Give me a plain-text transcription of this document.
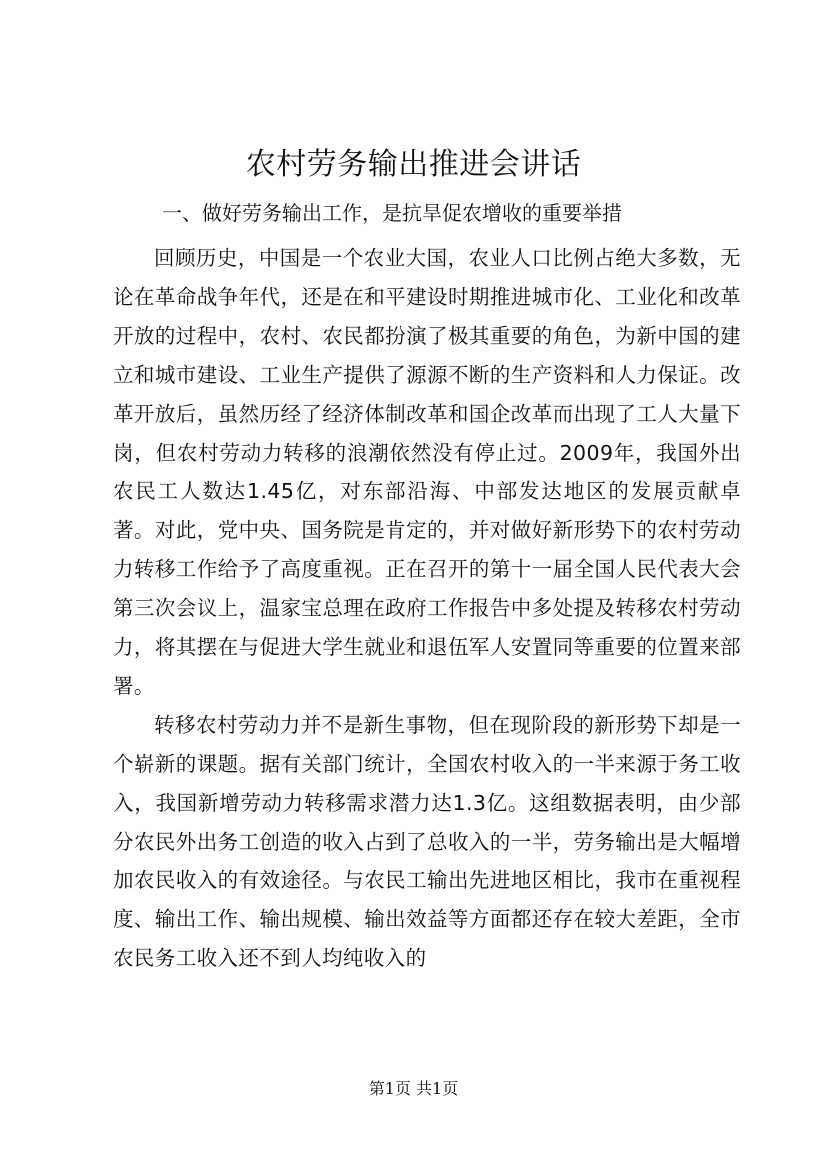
农村劳务输出推进会讲话
一、做好劳务输出工作，是抗旱促农增收的重要举措

回顾历史，中国是一个农业大国，农业人口比例占绝大多数，无论在革命战争年代，还是在和平建设时期推进城市化、工业化和改革开放的过程中，农村、农民都扮演了极其重要的角色，为新中国的建立和城市建设、工业生产提供了源源不断的生产资料和人力保证。改革开放后，虽然历经了经济体制改革和国企改革而出现了工人大量下岗，但农村劳动力转移的浪潮依然没有停止过。2009年，我国外出农民工人数达1.45亿，对东部沿海、中部发达地区的发展贡献卓著。对此，党中央、国务院是肯定的，并对做好新形势下的农村劳动力转移工作给予了高度重视。正在召开的第十一届全国人民代表大会第三次会议上，温家宝总理在政府工作报告中多处提及转移农村劳动力，将其摆在与促进大学生就业和退伍军人安置同等重要的位置来部署。

转移农村劳动力并不是新生事物，但在现阶段的新形势下却是一个崭新的课题。据有关部门统计，全国农村收入的一半来源于务工收入，我国新增劳动力转移需求潜力达1.3亿。这组数据表明，由少部分农民外出务工创造的收入占到了总收入的一半，劳务输出是大幅增加农民收入的有效途径。与农民工输出先进地区相比，我市在重视程度、输出工作、输出规模、输出效益等方面都还存在较大差距，全市农民务工收入还不到人均纯收入的

第1页 共1页
